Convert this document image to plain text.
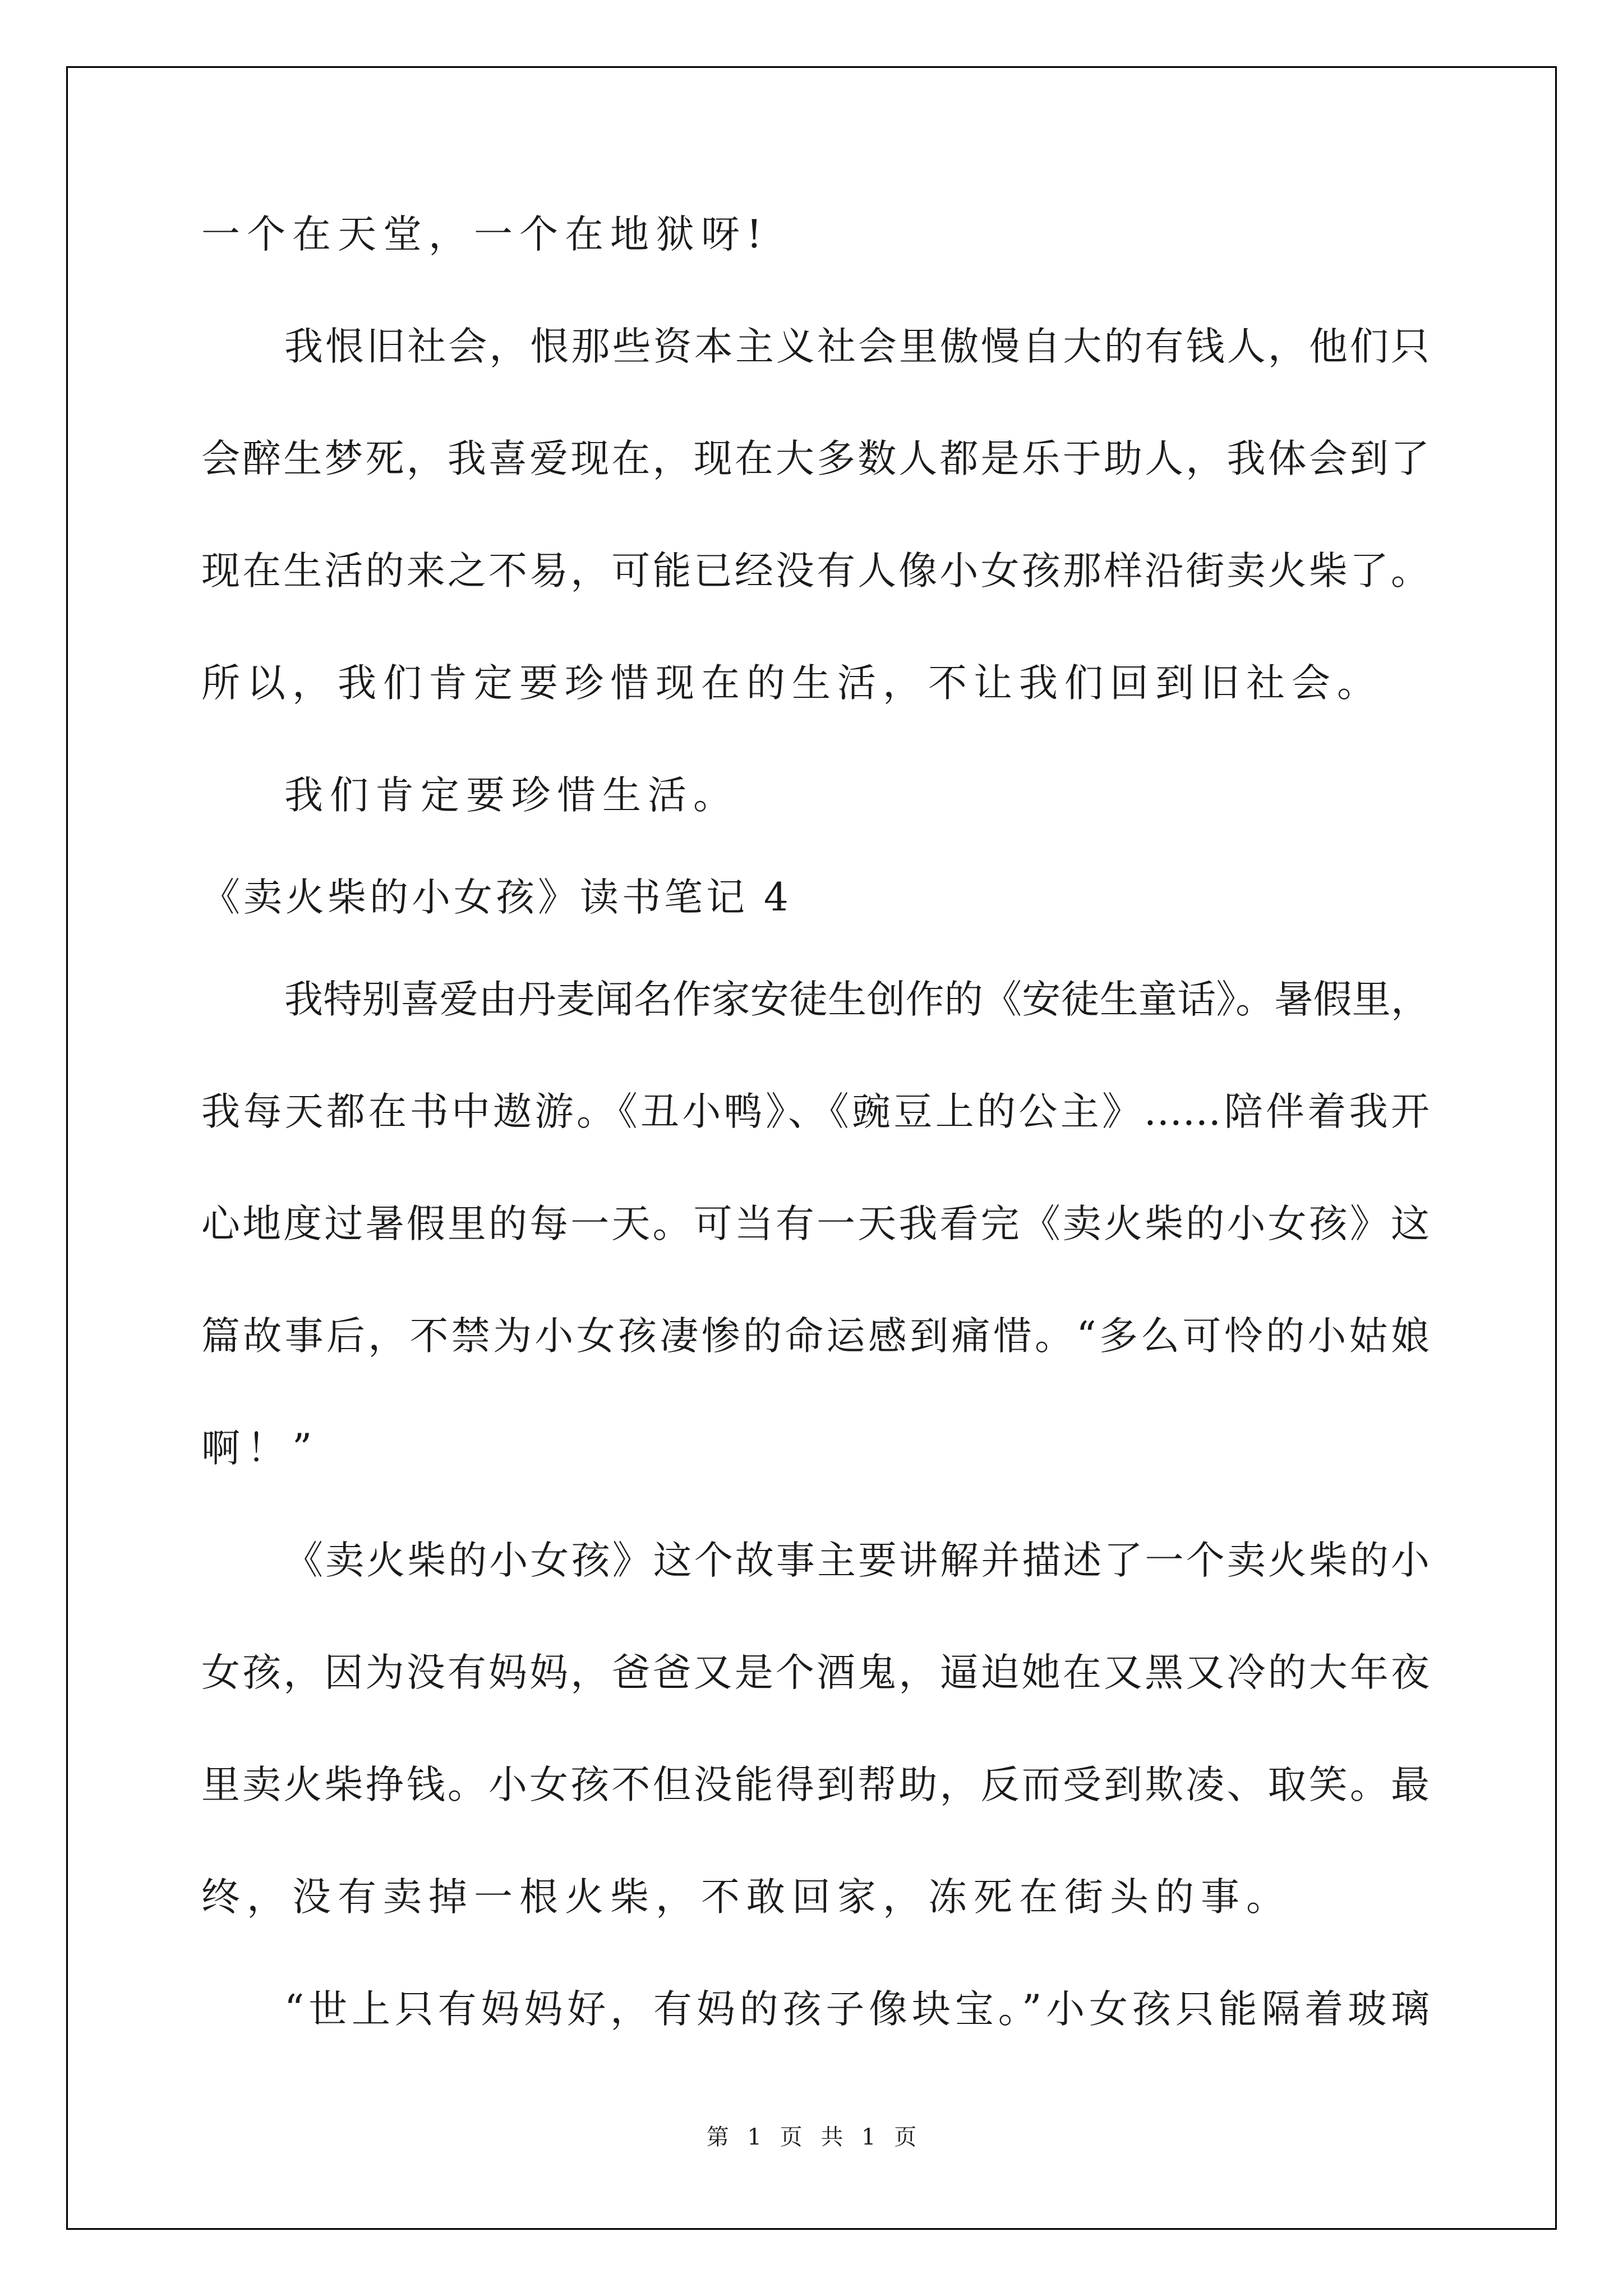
一个在天堂，一个在地狱呀!
我恨旧社会，恨那些资本主义社会里傲慢自大的有钱人，他们只
会醉生梦死，我喜爱现在，现在大多数人都是乐于助人，我体会到了
现在生活的来之不易，可能已经没有人像小女孩那样沿街卖火柴了。
所以，我们肯定要珍惜现在的生活，不让我们回到旧社会。
我们肯定要珍惜生活。
《卖火柴的小女孩》读书笔记 4
我特别喜爱由丹麦闻名作家安徒生创作的《安徒生童话》。暑假里，
我每天都在书中遨游。《丑小鸭》、《豌豆上的公主》……陪伴着我开
心地度过暑假里的每一天。可当有一天我看完《卖火柴的小女孩》这
篇故事后，不禁为小女孩凄惨的命运感到痛惜。“多么可怜的小姑娘
啊！”
《卖火柴的小女孩》这个故事主要讲解并描述了一个卖火柴的小
女孩，因为没有妈妈，爸爸又是个酒鬼，逼迫她在又黑又冷的大年夜
里卖火柴挣钱。小女孩不但没能得到帮助，反而受到欺凌、取笑。最
终，没有卖掉一根火柴，不敢回家，冻死在街头的事。
“世上只有妈妈好，有妈的孩子像块宝。”小女孩只能隔着玻璃
第 1 页 共 1 页
